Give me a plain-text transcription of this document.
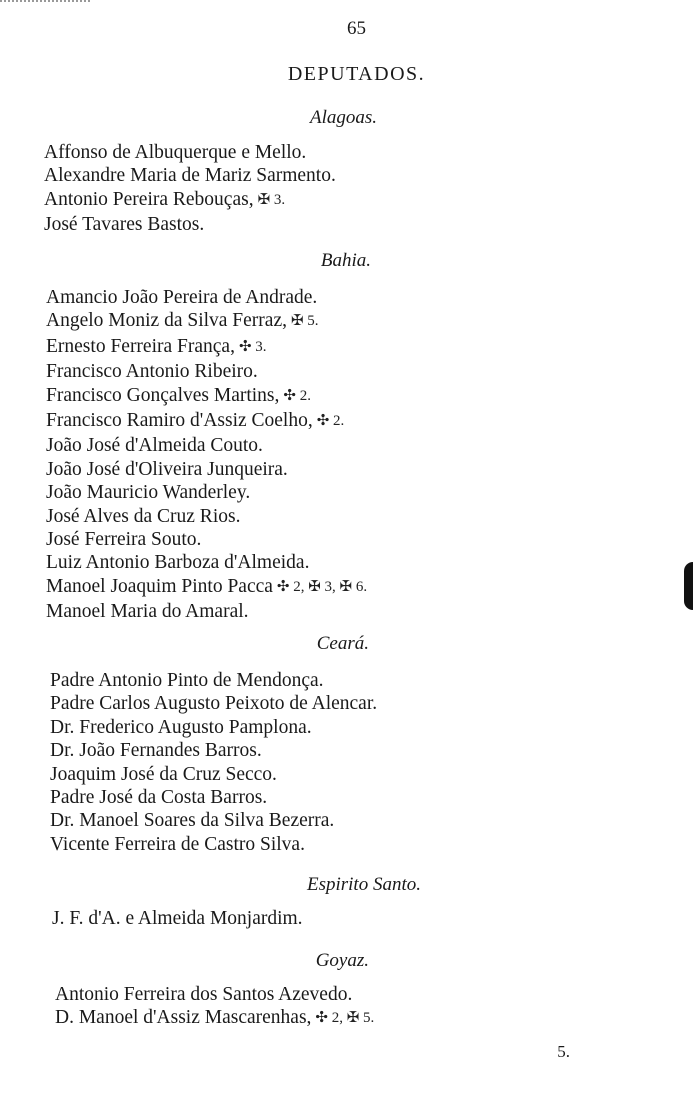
65
DEPUTADOS.

Alagoas.

Affonso de Albuquerque e Mello.
Alexandre Maria de Mariz Sarmento.
Antonio Pereira Rebouças, ✠ 3.
José Tavares Bastos.

Bahia.

Amancio João Pereira de Andrade.
Angelo Moniz da Silva Ferraz, ✠ 5.
Ernesto Ferreira França, ✣ 3.
Francisco Antonio Ribeiro.
Francisco Gonçalves Martins, ✣ 2.
Francisco Ramiro d'Assiz Coelho, ✣ 2.
João José d'Almeida Couto.
João José d'Oliveira Junqueira.
João Mauricio Wanderley.
José Alves da Cruz Rios.
José Ferreira Souto.
Luiz Antonio Barboza d'Almeida.
Manoel Joaquim Pinto Pacca ✣ 2, ✠ 3, ✠ 6.
Manoel Maria do Amaral.

Ceará.

Padre Antonio Pinto de Mendonça.
Padre Carlos Augusto Peixoto de Alencar.
Dr. Frederico Augusto Pamplona.
Dr. João Fernandes Barros.
Joaquim José da Cruz Secco.
Padre José da Costa Barros.
Dr. Manoel Soares da Silva Bezerra.
Vicente Ferreira de Castro Silva.

Espirito Santo.

J. F. d'A. e Almeida Monjardim.

Goyaz.

Antonio Ferreira dos Santos Azevedo.
D. Manoel d'Assiz Mascarenhas, ✣ 2, ✠ 5.
5.
